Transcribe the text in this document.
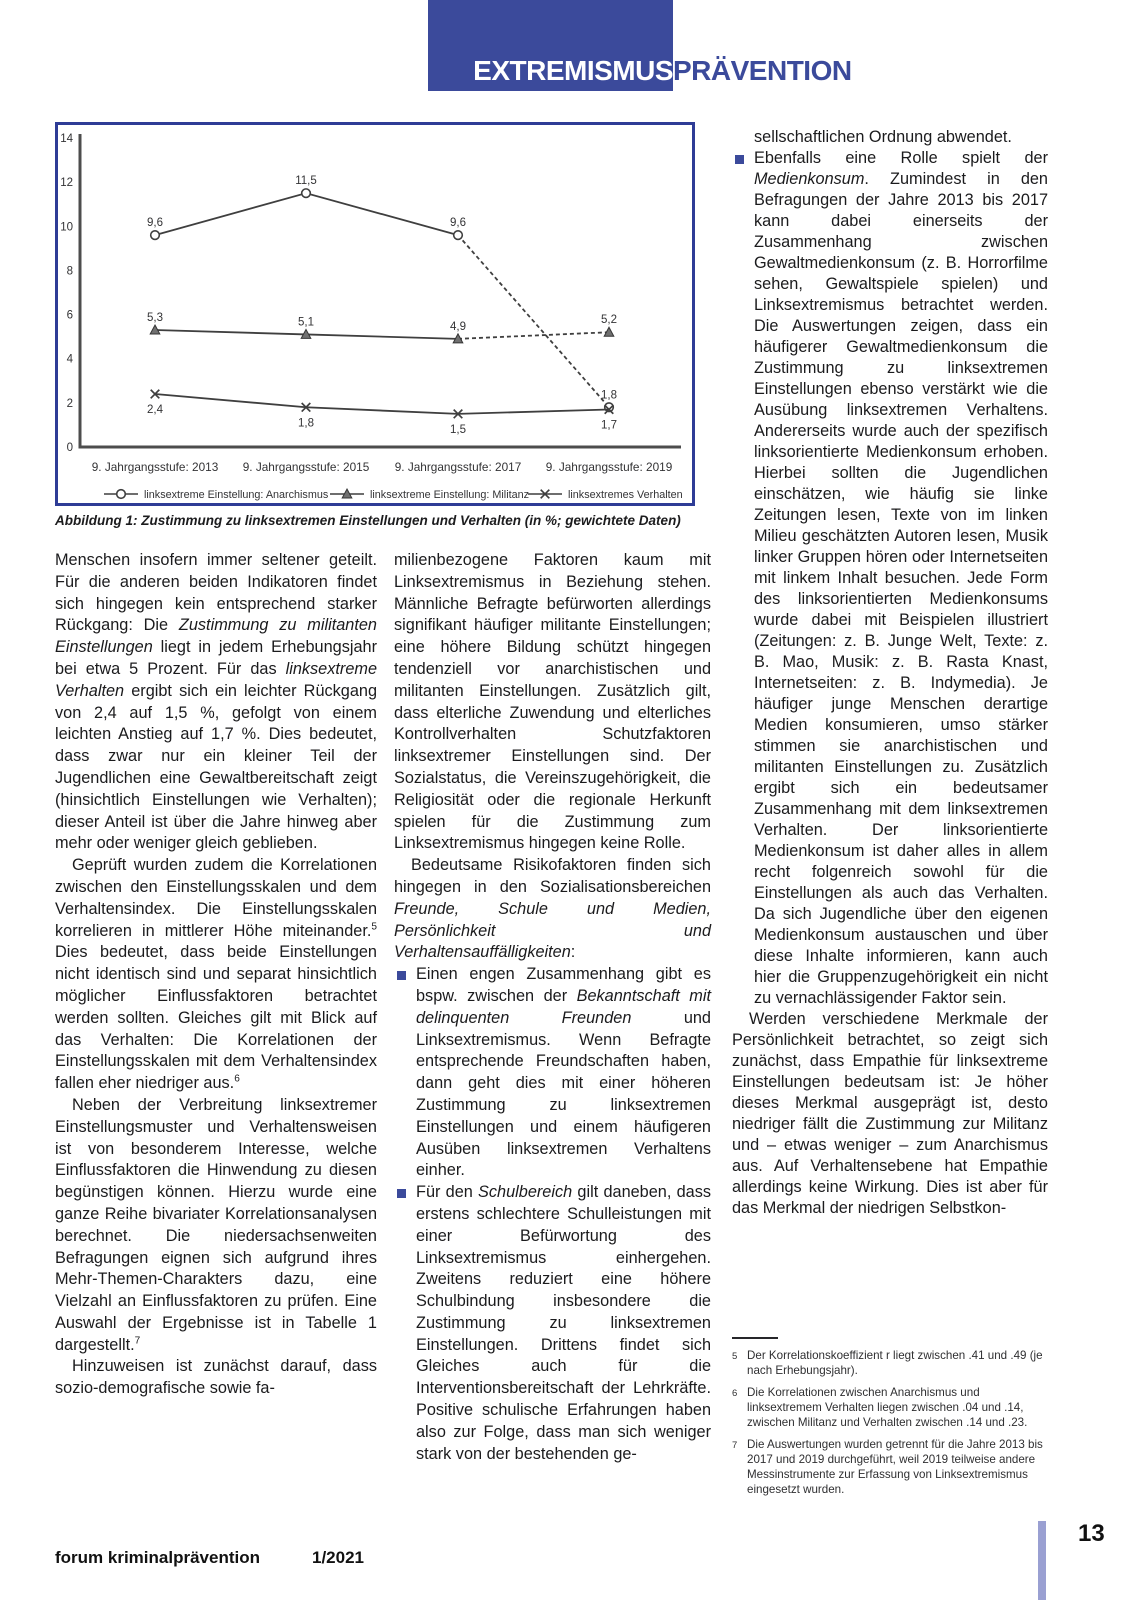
EXTREMISMUS PRÄVENTION
0
2
4
6
8
10
12
14
9. Jahrgangsstufe: 2013 9. Jahrgangsstufe: 2015 9. Jahrgangsstufe: 2017 9. Jahrgangsstufe: 2019
9,6
11,5
9,6
1,8
5,3	5,1	4,9
5,2
2,4
1,8
1,5	1,7
linksextreme Einstellung: Anarchismus	linksextreme Einstellung: Militanz	linksextremes Verhalten
Abbildung 1: Zustimmung zu linksextremen Einstellungen und Verhalten (in %; gewichtete Daten)

Menschen insofern immer seltener geteilt. Für die anderen beiden Indikatoren findet sich hingegen kein entsprechend starker Rückgang: Die Zustimmung zu militanten Einstellungen liegt in jedem Erhebungsjahr bei etwa 5 Prozent. Für das linksextreme Verhalten ergibt sich ein leichter Rückgang von 2,4 auf 1,5 %, gefolgt von einem leichten Anstieg auf 1,7 %. Dies bedeutet, dass zwar nur ein kleiner Teil der Jugendlichen eine Gewaltbereitschaft zeigt (hinsichtlich Einstellungen wie Verhalten); dieser Anteil ist über die Jahre hinweg aber mehr oder weniger gleich geblieben.

Geprüft wurden zudem die Korrelationen zwischen den Einstellungsskalen und dem Verhaltensindex. Die Einstellungsskalen korrelieren in mittlerer Höhe miteinander.$^5$ Dies bedeutet, dass beide Einstellungen nicht identisch sind und separat hinsichtlich möglicher Einflussfaktoren betrachtet werden sollten. Gleiches gilt mit Blick auf das Verhalten: Die Korrelationen der Einstellungsskalen mit dem Verhaltensindex fallen eher niedriger aus.$^6$

Neben der Verbreitung linksextremer Einstellungsmuster und Verhaltensweisen ist von besonderem Interesse, welche Einflussfaktoren die Hinwendung zu diesen begünstigen können. Hierzu wurde eine ganze Reihe bivariater Korrelationsanalysen berechnet. Die niedersachsenweiten Befragungen eignen sich aufgrund ihres Mehr-Themen-Charakters dazu, eine Vielzahl an Einflussfaktoren zu prüfen. Eine Auswahl der Ergebnisse ist in Tabelle 1 dargestellt.$^7$

Hinzuweisen ist zunächst darauf, dass sozio-demografische sowie fa-

milienbezogene Faktoren kaum mit Linksextremismus in Beziehung stehen. Männliche Befragte befürworten allerdings signifikant häufiger militante Einstellungen; eine höhere Bildung schützt hingegen tendenziell vor anarchistischen und militanten Einstellungen. Zusätzlich gilt, dass elterliche Zuwendung und elterliches Kontrollverhalten Schutzfaktoren linksextremer Einstellungen sind. Der Sozialstatus, die Vereinszugehörigkeit, die Religiosität oder die regionale Herkunft spielen für die Zustimmung zum Linksextremismus hingegen keine Rolle.

Bedeutsame Risikofaktoren finden sich hingegen in den Sozialisationsbereichen Freunde, Schule und Medien, Persönlichkeit und Verhaltensauffälligkeiten:

Einen engen Zusammenhang gibt es bspw. zwischen der Bekanntschaft mit delinquenten Freunden und Linksextremismus. Wenn Befragte entsprechende Freundschaften haben, dann geht dies mit einer höheren Zustimmung zu linksextremen Einstellungen und einem häufigeren Ausüben linksextremen Verhaltens einher.
Für den Schulbereich gilt daneben, dass erstens schlechtere Schulleistungen mit einer Befürwortung des Linksextremismus einhergehen. Zweitens reduziert eine höhere Schulbindung insbesondere die Zustimmung zu linksextremen Einstellungen. Drittens findet sich Gleiches auch für die Interventionsbereitschaft der Lehrkräfte. Positive schulische Erfahrungen haben also zur Folge, dass man sich weniger stark von der bestehenden ge-
sellschaftlichen Ordnung abwendet.
Ebenfalls eine Rolle spielt der Medienkonsum. Zumindest in den Befragungen der Jahre 2013 bis 2017 kann dabei einerseits der Zusammenhang zwischen Gewaltmedienkonsum (z. B. Horrorfilme sehen, Gewaltspiele spielen) und Linksextremismus betrachtet werden. Die Auswertungen zeigen, dass ein häufigerer Gewaltmedienkonsum die Zustimmung zu linksextremen Einstellungen ebenso verstärkt wie die Ausübung linksextremen Verhaltens. Andererseits wurde auch der spezifisch linksorientierte Medienkonsum erhoben. Hierbei sollten die Jugendlichen einschätzen, wie häufig sie linke Zeitungen lesen, Texte von im linken Milieu geschätzten Autoren lesen, Musik linker Gruppen hören oder Internetseiten mit linkem Inhalt besuchen. Jede Form des linksorientierten Medienkonsums wurde dabei mit Beispielen illustriert (Zeitungen: z. B. Junge Welt, Texte: z. B. Mao, Musik: z. B. Rasta Knast, Internetseiten: z. B. Indymedia). Je häufiger junge Menschen derartige Medien konsumieren, umso stärker stimmen sie anarchistischen und militanten Einstellungen zu. Zusätzlich ergibt sich ein bedeutsamer Zusammenhang mit dem linksextremen Verhalten. Der linksorientierte Medienkonsum ist daher alles in allem recht folgenreich sowohl für die Einstellungen als auch das Verhalten. Da sich Jugendliche über den eigenen Medienkonsum austauschen und über diese Inhalte informieren, kann auch hier die Gruppenzugehörigkeit ein nicht zu vernachlässigender Faktor sein.

Werden verschiedene Merkmale der Persönlichkeit betrachtet, so zeigt sich zunächst, dass Empathie für linksextreme Einstellungen bedeutsam ist: Je höher dieses Merkmal ausgeprägt ist, desto niedriger fällt die Zustimmung zur Militanz und – etwas weniger – zum Anarchismus aus. Auf Verhaltensebene hat Empathie allerdings keine Wirkung. Dies ist aber für das Merkmal der niedrigen Selbstkon-

5 Der Korrelationskoeffizient r liegt zwischen .41 und .49 (je nach Erhebungsjahr).
6 Die Korrelationen zwischen Anarchismus und linksextremem Verhalten liegen zwischen .04 und .14, zwischen Militanz und Verhalten zwischen .14 und .23.
7 Die Auswertungen wurden getrennt für die Jahre 2013 bis 2017 und 2019 durchgeführt, weil 2019 teilweise andere Messinstrumente zur Erfassung von Linksextremismus eingesetzt wurden.
forum kriminalprävention	1/2021
13
